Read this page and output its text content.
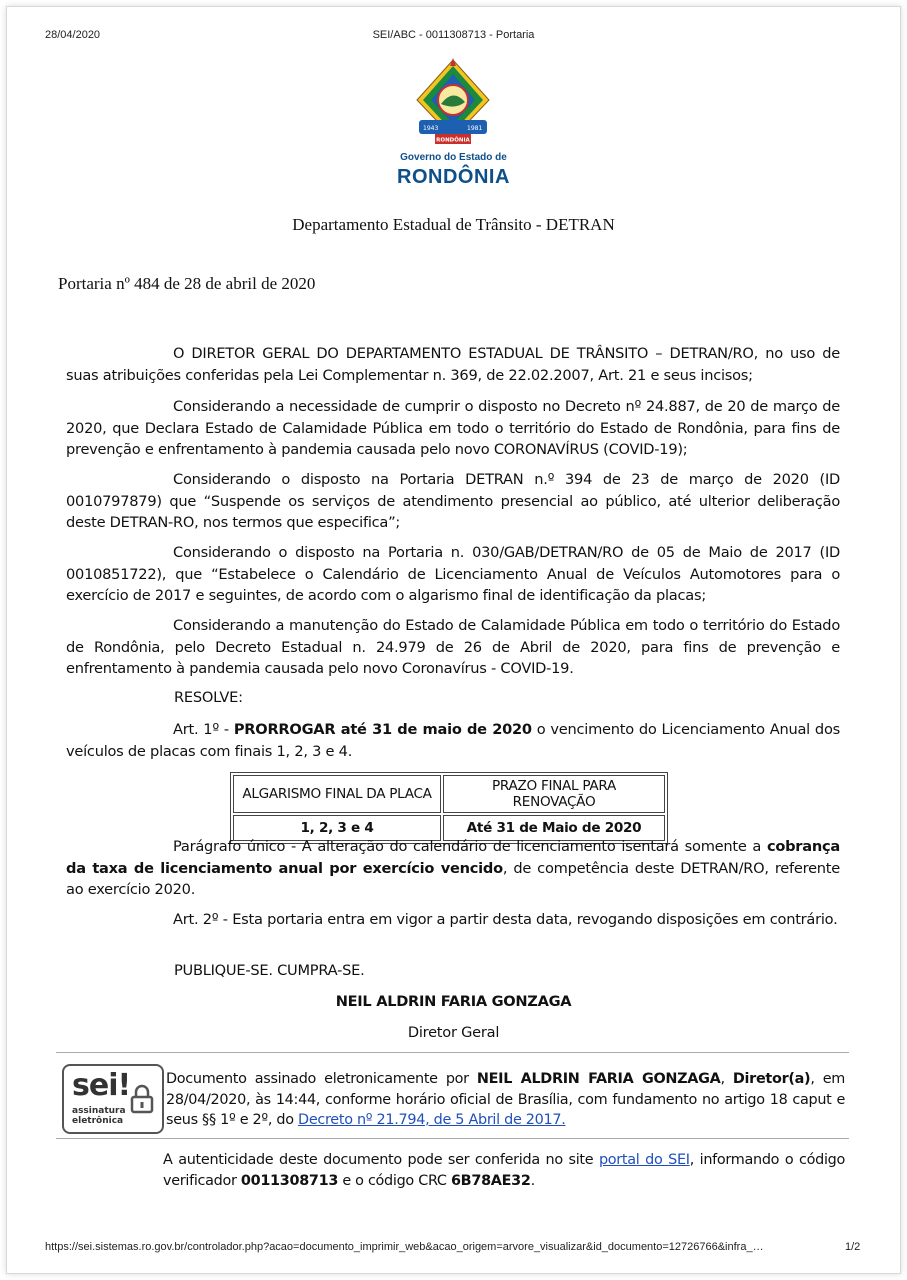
28/04/2020	SEI/ABC - 0011308713 - Portaria
1943	1981
RONDÔNIA
Governo do Estado de
RONDÔNIA
Departamento Estadual de Trânsito - DETRAN
Portaria nº 484 de 28 de abril de 2020
O DIRETOR GERAL DO DEPARTAMENTO ESTADUAL DE TRÂNSITO – DETRAN/RO, no uso de suas atribuições conferidas pela Lei Complementar n. 369, de 22.02.2007, Art. 21 e seus incisos;
Considerando a necessidade de cumprir o disposto no Decreto nº 24.887, de 20 de março de 2020, que Declara Estado de Calamidade Pública em todo o território do Estado de Rondônia, para fins de prevenção e enfrentamento à pandemia causada pelo novo CORONAVÍRUS (COVID-19);
Considerando o disposto na Portaria DETRAN n.º 394 de 23 de março de 2020 (ID 0010797879) que “Suspende os serviços de atendimento presencial ao público, até ulterior deliberação deste DETRAN-RO, nos termos que especifica”;
Considerando o disposto na Portaria n. 030/GAB/DETRAN/RO de 05 de Maio de 2017 (ID 0010851722), que “Estabelece o Calendário de Licenciamento Anual de Veículos Automotores para o exercício de 2017 e seguintes, de acordo com o algarismo final de identificação da placas;
Considerando a manutenção do Estado de Calamidade Pública em todo o território do Estado de Rondônia, pelo Decreto Estadual n. 24.979 de 26 de Abril de 2020, para fins de prevenção e enfrentamento à pandemia causada pelo novo Coronavírus - COVID-19.
RESOLVE:
Art. 1º - PRORROGAR até 31 de maio de 2020 o vencimento do Licenciamento Anual dos veículos de placas com finais 1, 2, 3 e 4.
ALGARISMO FINAL DA PLACA	PRAZO FINAL PARA RENOVAÇÃO
1, 2, 3 e 4	Até 31 de Maio de 2020
Parágrafo único - A alteração do calendário de licenciamento isentará somente a cobrança da taxa de licenciamento anual por exercício vencido, de competência deste DETRAN/RO, referente ao exercício 2020.
Art. 2º - Esta portaria entra em vigor a partir desta data, revogando disposições em contrário.
PUBLIQUE-SE. CUMPRA-SE.
NEIL ALDRIN FARIA GONZAGA
Diretor Geral
sei!
assinatura
eletrônica
Documento assinado eletronicamente por NEIL ALDRIN FARIA GONZAGA, Diretor(a), em 28/04/2020, às 14:44, conforme horário oficial de Brasília, com fundamento no artigo 18 caput e seus §§ 1º e 2º, do Decreto nº 21.794, de 5 Abril de 2017.
A autenticidade deste documento pode ser conferida no site portal do SEI, informando o código verificador 0011308713 e o código CRC 6B78AE32.
https://sei.sistemas.ro.gov.br/controlador.php?acao=documento_imprimir_web&acao_origem=arvore_visualizar&id_documento=12726766&infra_…	1/2
